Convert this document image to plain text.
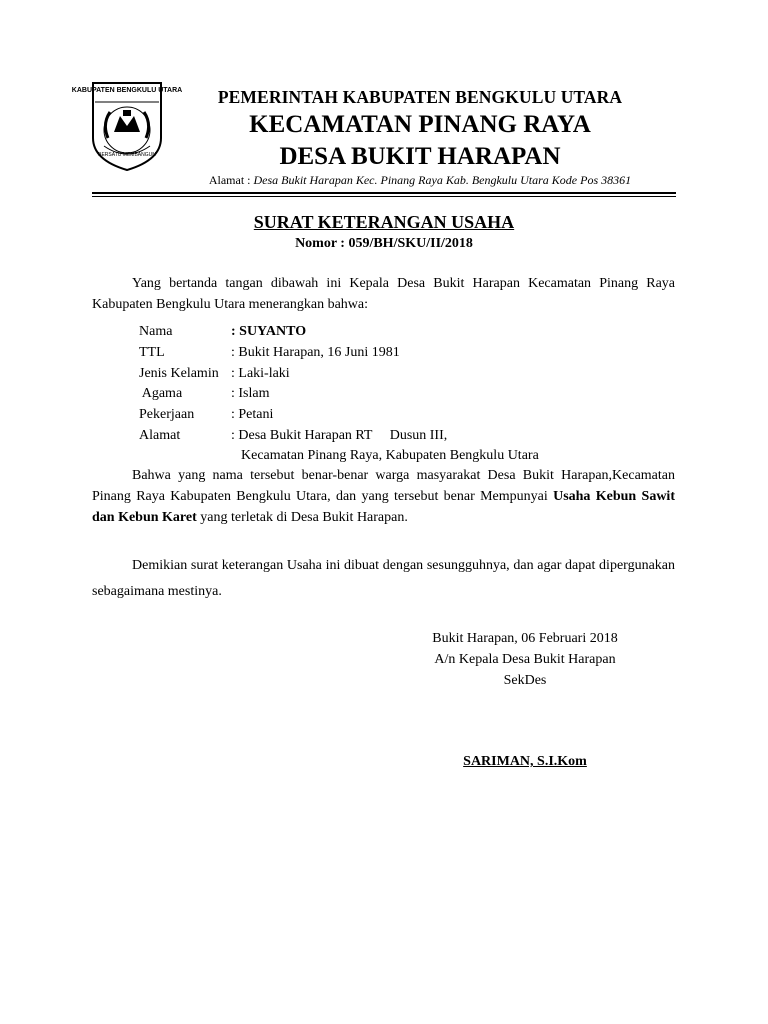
KABUPATEN BENGKULU UTARA
BERSATU MEMBANGUN
PEMERINTAH KABUPATEN BENGKULU UTARA
KECAMATAN PINANG RAYA
DESA BUKIT HARAPAN
Alamat : Desa Bukit Harapan Kec. Pinang Raya Kab. Bengkulu Utara Kode Pos 38361
SURAT KETERANGAN USAHA
Nomor : 059/BH/SKU/II/2018
Yang bertanda tangan dibawah ini Kepala Desa Bukit Harapan Kecamatan Pinang Raya Kabupaten Bengkulu Utara menerangkan bahwa:
Nama	: SUYANTO
TTL	: Bukit Harapan, 16 Juni 1981
Jenis Kelamin : Laki-laki
Agama	: Islam
Pekerjaan	: Petani
Alamat	: Desa Bukit Harapan RT     Dusun III,
Kecamatan Pinang Raya, Kabupaten Bengkulu Utara
Bahwa yang nama tersebut benar-benar warga masyarakat Desa Bukit Harapan,Kecamatan Pinang Raya Kabupaten Bengkulu Utara, dan yang tersebut benar Mempunyai Usaha Kebun Sawit dan Kebun Karet yang terletak di Desa Bukit Harapan.
Demikian surat keterangan Usaha ini dibuat dengan sesungguhnya, dan agar dapat dipergunakan sebagaimana mestinya.
Bukit Harapan, 06 Februari 2018
A/n Kepala Desa Bukit Harapan
SekDes
SARIMAN, S.I.Kom
